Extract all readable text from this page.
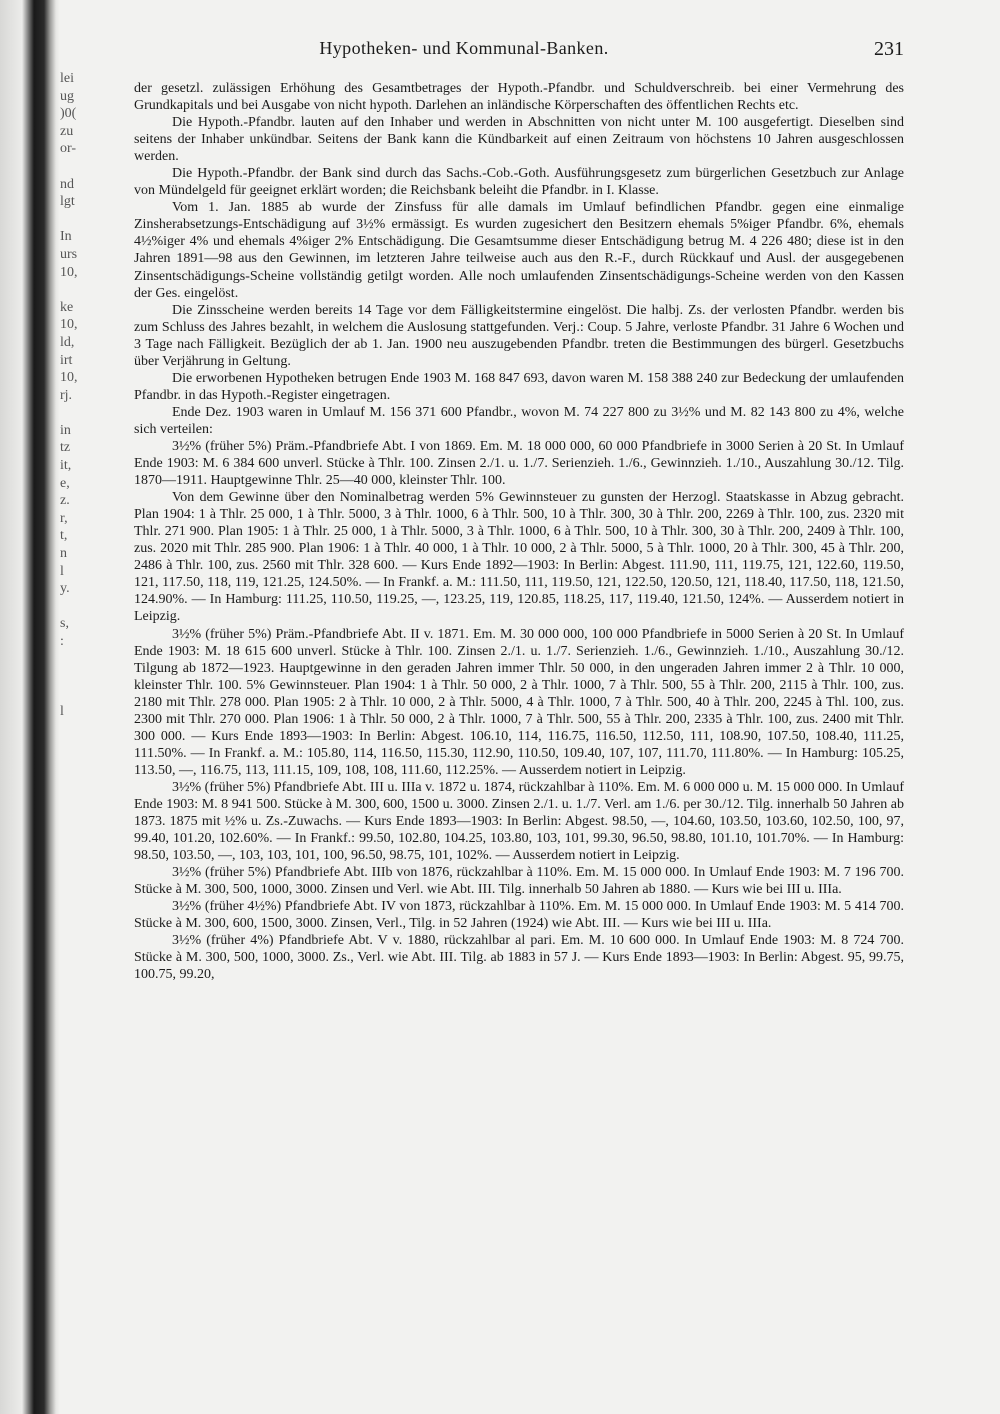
lei
ug
)0(
zu
or-
nd
lgt
In
urs
10,
ke
10,
ld,
irt
10,
rj.
in
tz
it,
e,
z.
r,
t,
n
l
y.
s,
:
l
Hypotheken- und Kommunal-Banken.	231

der gesetzl. zulässigen Erhöhung des Gesamtbetrages der Hypoth.-Pfandbr. und Schuldverschreib. bei einer Vermehrung des Grundkapitals und bei Ausgabe von nicht hypoth. Darlehen an inländische Körperschaften des öffentlichen Rechts etc.

Die Hypoth.-Pfandbr. lauten auf den Inhaber und werden in Abschnitten von nicht unter M. 100 ausgefertigt. Dieselben sind seitens der Inhaber unkündbar. Seitens der Bank kann die Kündbarkeit auf einen Zeitraum von höchstens 10 Jahren ausgeschlossen werden.

Die Hypoth.-Pfandbr. der Bank sind durch das Sachs.-Cob.-Goth. Ausführungsgesetz zum bürgerlichen Gesetzbuch zur Anlage von Mündelgeld für geeignet erklärt worden; die Reichsbank beleiht die Pfandbr. in I. Klasse.

Vom 1. Jan. 1885 ab wurde der Zinsfuss für alle damals im Umlauf befindlichen Pfandbr. gegen eine einmalige Zinsherabsetzungs-Entschädigung auf 3½% ermässigt. Es wurden zugesichert den Besitzern ehemals 5%iger Pfandbr. 6%, ehemals 4½%iger 4% und ehemals 4%iger 2% Entschädigung. Die Gesamtsumme dieser Entschädigung betrug M. 4 226 480; diese ist in den Jahren 1891—98 aus den Gewinnen, im letzteren Jahre teilweise auch aus den R.-F., durch Rückkauf und Ausl. der ausgegebenen Zinsentschädigungs-Scheine vollständig getilgt worden. Alle noch umlaufenden Zinsentschädigungs-Scheine werden von den Kassen der Ges. eingelöst.

Die Zinsscheine werden bereits 14 Tage vor dem Fälligkeitstermine eingelöst. Die halbj. Zs. der verlosten Pfandbr. werden bis zum Schluss des Jahres bezahlt, in welchem die Auslosung stattgefunden. Verj.: Coup. 5 Jahre, verloste Pfandbr. 31 Jahre 6 Wochen und 3 Tage nach Fälligkeit. Bezüglich der ab 1. Jan. 1900 neu auszugebenden Pfandbr. treten die Bestimmungen des bürgerl. Gesetzbuchs über Verjährung in Geltung.

Die erworbenen Hypotheken betrugen Ende 1903 M. 168 847 693, davon waren M. 158 388 240 zur Bedeckung der umlaufenden Pfandbr. in das Hypoth.-Register eingetragen.

Ende Dez. 1903 waren in Umlauf M. 156 371 600 Pfandbr., wovon M. 74 227 800 zu 3½% und M. 82 143 800 zu 4%, welche sich verteilen:

3½% (früher 5%) Präm.-Pfandbriefe Abt. I von 1869. Em. M. 18 000 000, 60 000 Pfandbriefe in 3000 Serien à 20 St. In Umlauf Ende 1903: M. 6 384 600 unverl. Stücke à Thlr. 100. Zinsen 2./1. u. 1./7. Serienzieh. 1./6., Gewinnzieh. 1./10., Auszahlung 30./12. Tilg. 1870—1911. Hauptgewinne Thlr. 25—40 000, kleinster Thlr. 100.

Von dem Gewinne über den Nominalbetrag werden 5% Gewinnsteuer zu gunsten der Herzogl. Staatskasse in Abzug gebracht. Plan 1904: 1 à Thlr. 25 000, 1 à Thlr. 5000, 3 à Thlr. 1000, 6 à Thlr. 500, 10 à Thlr. 300, 30 à Thlr. 200, 2269 à Thlr. 100, zus. 2320 mit Thlr. 271 900. Plan 1905: 1 à Thlr. 25 000, 1 à Thlr. 5000, 3 à Thlr. 1000, 6 à Thlr. 500, 10 à Thlr. 300, 30 à Thlr. 200, 2409 à Thlr. 100, zus. 2020 mit Thlr. 285 900. Plan 1906: 1 à Thlr. 40 000, 1 à Thlr. 10 000, 2 à Thlr. 5000, 5 à Thlr. 1000, 20 à Thlr. 300, 45 à Thlr. 200, 2486 à Thlr. 100, zus. 2560 mit Thlr. 328 600. — Kurs Ende 1892—1903: In Berlin: Abgest. 111.90, 111, 119.75, 121, 122.60, 119.50, 121, 117.50, 118, 119, 121.25, 124.50%. — In Frankf. a. M.: 111.50, 111, 119.50, 121, 122.50, 120.50, 121, 118.40, 117.50, 118, 121.50, 124.90%. — In Hamburg: 111.25, 110.50, 119.25, —, 123.25, 119, 120.85, 118.25, 117, 119.40, 121.50, 124%. — Ausserdem notiert in Leipzig.

3½% (früher 5%) Präm.-Pfandbriefe Abt. II v. 1871. Em. M. 30 000 000, 100 000 Pfandbriefe in 5000 Serien à 20 St. In Umlauf Ende 1903: M. 18 615 600 unverl. Stücke à Thlr. 100. Zinsen 2./1. u. 1./7. Serienzieh. 1./6., Gewinnzieh. 1./10., Auszahlung 30./12. Tilgung ab 1872—1923. Hauptgewinne in den geraden Jahren immer Thlr. 50 000, in den ungeraden Jahren immer 2 à Thlr. 10 000, kleinster Thlr. 100. 5% Gewinnsteuer. Plan 1904: 1 à Thlr. 50 000, 2 à Thlr. 1000, 7 à Thlr. 500, 55 à Thlr. 200, 2115 à Thlr. 100, zus. 2180 mit Thlr. 278 000. Plan 1905: 2 à Thlr. 10 000, 2 à Thlr. 5000, 4 à Thlr. 1000, 7 à Thlr. 500, 40 à Thlr. 200, 2245 à Thl. 100, zus. 2300 mit Thlr. 270 000. Plan 1906: 1 à Thlr. 50 000, 2 à Thlr. 1000, 7 à Thlr. 500, 55 à Thlr. 200, 2335 à Thlr. 100, zus. 2400 mit Thlr. 300 000. — Kurs Ende 1893—1903: In Berlin: Abgest. 106.10, 114, 116.75, 116.50, 112.50, 111, 108.90, 107.50, 108.40, 111.25, 111.50%. — In Frankf. a. M.: 105.80, 114, 116.50, 115.30, 112.90, 110.50, 109.40, 107, 107, 111.70, 111.80%. — In Hamburg: 105.25, 113.50, —, 116.75, 113, 111.15, 109, 108, 108, 111.60, 112.25%. — Ausserdem notiert in Leipzig.

3½% (früher 5%) Pfandbriefe Abt. III u. IIIa v. 1872 u. 1874, rückzahlbar à 110%. Em. M. 6 000 000 u. M. 15 000 000. In Umlauf Ende 1903: M. 8 941 500. Stücke à M. 300, 600, 1500 u. 3000. Zinsen 2./1. u. 1./7. Verl. am 1./6. per 30./12. Tilg. innerhalb 50 Jahren ab 1873. 1875 mit ½% u. Zs.-Zuwachs. — Kurs Ende 1893—1903: In Berlin: Abgest. 98.50, —, 104.60, 103.50, 103.60, 102.50, 100, 97, 99.40, 101.20, 102.60%. — In Frankf.: 99.50, 102.80, 104.25, 103.80, 103, 101, 99.30, 96.50, 98.80, 101.10, 101.70%. — In Hamburg: 98.50, 103.50, —, 103, 103, 101, 100, 96.50, 98.75, 101, 102%. — Ausserdem notiert in Leipzig.

3½% (früher 5%) Pfandbriefe Abt. IIIb von 1876, rückzahlbar à 110%. Em. M. 15 000 000. In Umlauf Ende 1903: M. 7 196 700. Stücke à M. 300, 500, 1000, 3000. Zinsen und Verl. wie Abt. III. Tilg. innerhalb 50 Jahren ab 1880. — Kurs wie bei III u. IIIa.

3½% (früher 4½%) Pfandbriefe Abt. IV von 1873, rückzahlbar à 110%. Em. M. 15 000 000. In Umlauf Ende 1903: M. 5 414 700. Stücke à M. 300, 600, 1500, 3000. Zinsen, Verl., Tilg. in 52 Jahren (1924) wie Abt. III. — Kurs wie bei III u. IIIa.

3½% (früher 4%) Pfandbriefe Abt. V v. 1880, rückzahlbar al pari. Em. M. 10 600 000. In Umlauf Ende 1903: M. 8 724 700. Stücke à M. 300, 500, 1000, 3000. Zs., Verl. wie Abt. III. Tilg. ab 1883 in 57 J. — Kurs Ende 1893—1903: In Berlin: Abgest. 95, 99.75, 100.75, 99.20,
